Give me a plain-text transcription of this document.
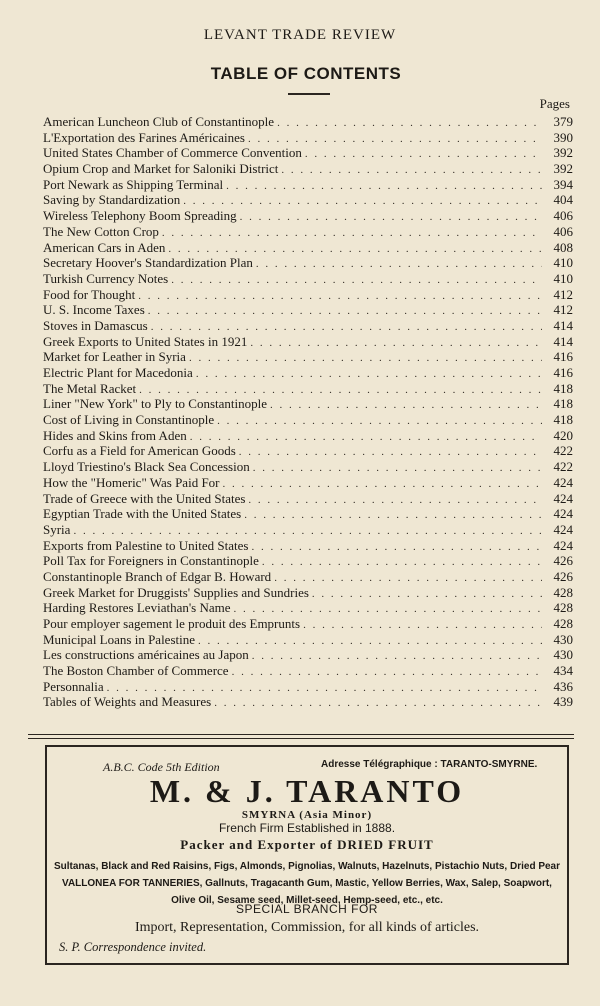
LEVANT TRADE REVIEW
TABLE OF CONTENTS
Pages
American Luncheon Club of Constantinople . . .	379
L'Exportation des Farines Américaines . . .	390
United States Chamber of Commerce Convention . . .	392
Opium Crop and Market for Saloniki District . . .	392
Port Newark as Shipping Terminal . . .	394
Saving by Standardization . . .	404
Wireless Telephony Boom Spreading . . .	406
The New Cotton Crop . . .	406
American Cars in Aden . . .	408
Secretary Hoover's Standardization Plan . . .	410
Turkish Currency Notes . . .	410
Food for Thought . . .	412
U. S. Income Taxes . . .	412
Stoves in Damascus . . .	414
Greek Exports to United States in 1921 . . .	414
Market for Leather in Syria . . .	416
Electric Plant for Macedonia . . .	416
The Metal Racket . . .	418
Liner "New York" to Ply to Constantinople . . .	418
Cost of Living in Constantinople . . .	418
Hides and Skins from Aden . . .	420
Corfu as a Field for American Goods . . .	422
Lloyd Triestino's Black Sea Concession . . .	422
How the "Homeric" Was Paid For . . .	424
Trade of Greece with the United States . . .	424
Egyptian Trade with the United States . . .	424
Syria . . .	424
Exports from Palestine to United States . . .	424
Poll Tax for Foreigners in Constantinople . . .	426
Constantinople Branch of Edgar B. Howard . . .	426
Greek Market for Druggists' Supplies and Sundries . . .	428
Harding Restores Leviathan's Name . . .	428
Pour employer sagement le produit des Emprunts . . .	428
Municipal Loans in Palestine . . .	430
Les constructions américaines au Japon . . .	430
The Boston Chamber of Commerce . . .	434
Personnalia . . .	436
Tables of Weights and Measures . . .	439
A.B.C. Code 5th Edition	Adresse Télégraphique : TARANTO-SMYRNE.
M. & J. TARANTO
SMYRNA (Asia Minor)
French Firm Established in 1888.
Packer and Exporter of DRIED FRUIT
Sultanas, Black and Red Raisins, Figs, Almonds, Pignolias, Walnuts, Hazelnuts, Pistachio Nuts, Dried Pear
VALLONEA FOR TANNERIES, Gallnuts, Tragacanth Gum, Mastic, Yellow Berries, Wax, Salep, Soapwort,
Olive Oil, Sesame seed, Millet-seed, Hemp-seed, etc., etc.
SPECIAL BRANCH FOR
Import, Representation, Commission, for all kinds of articles.
S. P. Correspondence invited.
